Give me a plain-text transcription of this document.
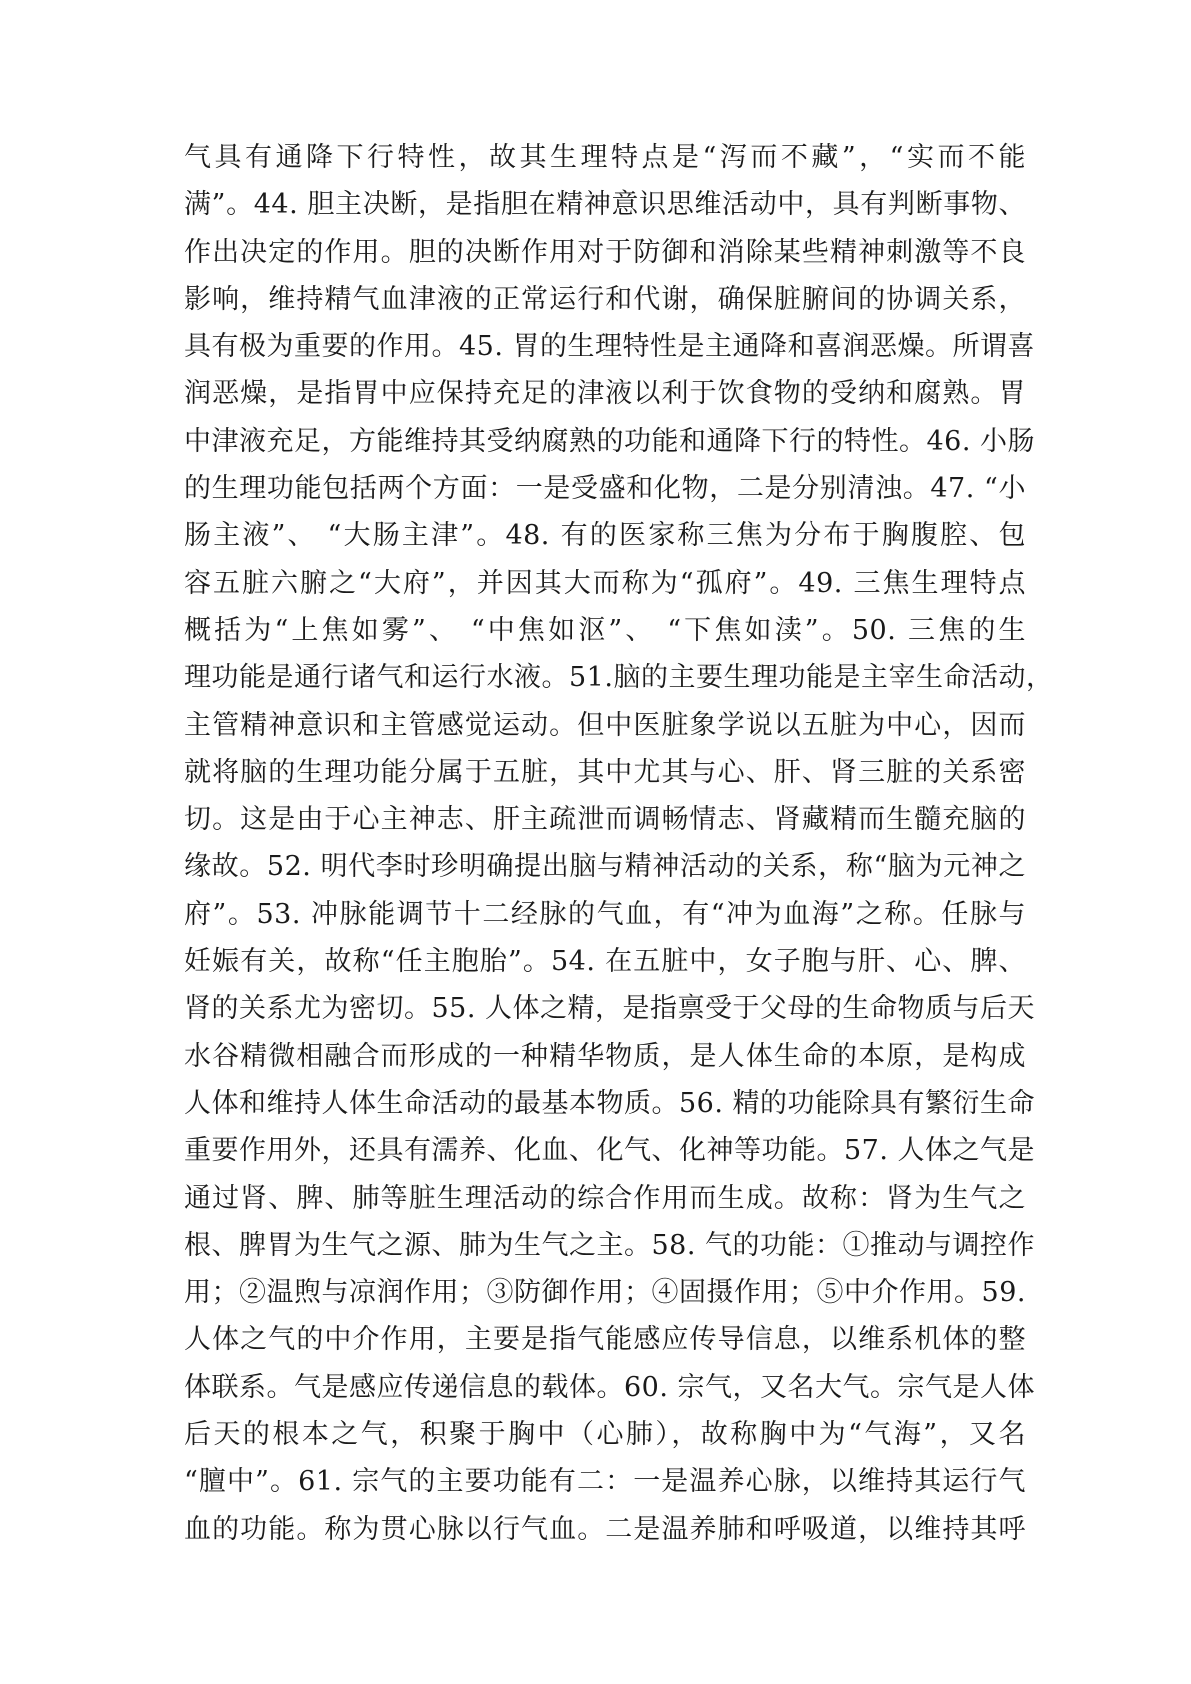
气具有通降下行特性，故其生理特点是“泻而不藏”，“实而不能
满”。44. 胆主决断，是指胆在精神意识思维活动中，具有判断事物、
作出决定的作用。胆的决断作用对于防御和消除某些精神刺激等不良
影响，维持精气血津液的正常运行和代谢，确保脏腑间的协调关系，
具有极为重要的作用。45. 胃的生理特性是主通降和喜润恶燥。所谓喜
润恶燥，是指胃中应保持充足的津液以利于饮食物的受纳和腐熟。胃
中津液充足，方能维持其受纳腐熟的功能和通降下行的特性。46. 小肠
的生理功能包括两个方面：一是受盛和化物，二是分别清浊。47. “小
肠主液”、 “大肠主津”。48. 有的医家称三焦为分布于胸腹腔、包
容五脏六腑之“大府”，并因其大而称为“孤府”。49. 三焦生理特点
概括为“上焦如雾”、 “中焦如沤”、 “下焦如渎”。50. 三焦的生
理功能是通行诸气和运行水液。51.脑的主要生理功能是主宰生命活动，
主管精神意识和主管感觉运动。但中医脏象学说以五脏为中心，因而
就将脑的生理功能分属于五脏，其中尤其与心、肝、肾三脏的关系密
切。这是由于心主神志、肝主疏泄而调畅情志、肾藏精而生髓充脑的
缘故。52. 明代李时珍明确提出脑与精神活动的关系，称“脑为元神之
府”。53. 冲脉能调节十二经脉的气血，有“冲为血海”之称。任脉与
妊娠有关，故称“任主胞胎”。54. 在五脏中，女子胞与肝、心、脾、
肾的关系尤为密切。55. 人体之精，是指禀受于父母的生命物质与后天
水谷精微相融合而形成的一种精华物质，是人体生命的本原，是构成
人体和维持人体生命活动的最基本物质。56. 精的功能除具有繁衍生命
重要作用外，还具有濡养、化血、化气、化神等功能。57. 人体之气是
通过肾、脾、肺等脏生理活动的综合作用而生成。故称：肾为生气之
根、脾胃为生气之源、肺为生气之主。58. 气的功能：①推动与调控作
用；②温煦与凉润作用；③防御作用；④固摄作用；⑤中介作用。59.
人体之气的中介作用，主要是指气能感应传导信息，以维系机体的整
体联系。气是感应传递信息的载体。60. 宗气，又名大气。宗气是人体
后天的根本之气，积聚于胸中（心肺），故称胸中为“气海”，又名
“膻中”。61. 宗气的主要功能有二：一是温养心脉，以维持其运行气
血的功能。称为贯心脉以行气血。二是温养肺和呼吸道，以维持其呼
